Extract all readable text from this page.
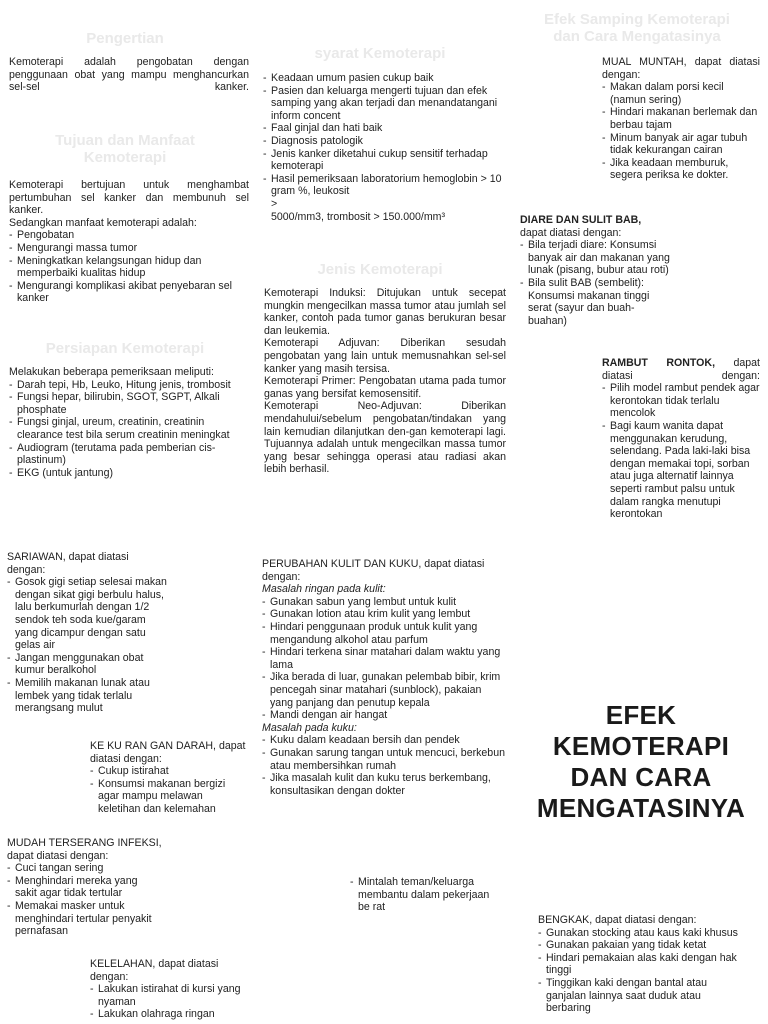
Pengertian

Kemoterapi adalah pengobatan dengan penggunaan obat yang mampu menghancurkan sel-sel kanker.

Tujuan dan Manfaat
Kemoterapi

Kemoterapi bertujuan untuk menghambat pertumbuhan sel kanker dan membunuh sel kanker.

Sedangkan manfaat kemoterapi adalah:

- Pengobatan
- Mengurangi massa tumor
- Meningkatkan kelangsungan hidup dan memperbaiki kualitas hidup
- Mengurangi komplikasi akibat penyebaran sel kanker
Persiapan Kemoterapi

Melakukan beberapa pemeriksaan meliputi:

- Darah tepi, Hb, Leuko, Hitung jenis, trombosit
- Fungsi hepar, bilirubin, SGOT, SGPT, Alkali phosphate
- Fungsi ginjal, ureum, creatinin, creatinin clearance test bila serum creatinin meningkat
- Audiogram (terutama pada pemberian cis-plastinum)
- EKG (untuk jantung)

SARIAWAN, dapat diatasi dengan:

- Gosok gigi setiap selesai makan dengan sikat gigi berbulu halus, lalu berkumurlah dengan 1/2 sendok teh soda kue/garam yang dicampur dengan satu gelas air
- Jangan menggunakan obat kumur beralkohol
- Memilih makanan lunak atau lembek yang tidak terlalu merangsang mulut

KE KU RAN GAN DARAH, dapat diatasi dengan:

- Cukup istirahat
- Konsumsi makanan bergizi agar mampu melawan keletihan dan kelemahan

MUDAH TERSERANG INFEKSI, dapat diatasi dengan:

- Cuci tangan sering
- Menghindari mereka yang sakit agar tidak tertular
- Memakai masker untuk menghindari tertular penyakit pernafasan

KELELAHAN, dapat diatasi dengan:

- Lakukan istirahat di kursi yang nyaman
- Lakukan olahraga ringan
syarat Kemoterapi
- Keadaan umum pasien cukup baik
- Pasien dan keluarga mengerti tujuan dan efek samping yang akan terjadi dan menandatangani inform concent
- Faal ginjal dan hati baik
- Diagnosis patologik
- Jenis kanker diketahui cukup sensitif terhadap kemoterapi
- Hasil pemeriksaan laboratorium hemoglobin > 10 gram %, leukosit

>

5000/mm3, trombosit > 150.000/mm³

Jenis Kemoterapi

Kemoterapi Induksi: Ditujukan untuk secepat mungkin mengecilkan massa tumor atau jumlah sel kanker, contoh pada tumor ganas berukuran besar dan leukemia.

Kemoterapi Adjuvan: Diberikan sesudah pengobatan yang lain untuk memusnahkan sel-sel kanker yang masih tersisa.

Kemoterapi Primer: Pengobatan utama pada tumor ganas yang bersifat kemosensitif.

Kemoterapi Neo-Adjuvan:	Diberikan mendahului/sebelum pengobatan/tindakan yang lain kemudian dilanjutkan den-gan kemoterapi lagi. Tujuannya adalah untuk mengecilkan massa tumor yang besar sehingga operasi atau radiasi akan lebih berhasil.

PERUBAHAN KULIT DAN KUKU, dapat diatasi dengan:

Masalah ringan pada kulit:

- Gunakan sabun yang lembut untuk kulit
- Gunakan lotion atau krim kulit yang lembut
- Hindari penggunaan produk untuk kulit yang mengandung alkohol atau parfum
- Hindari terkena sinar matahari dalam waktu yang lama
- Jika berada di luar, gunakan pelembab bibir, krim pencegah sinar matahari (sunblock), pakaian yang panjang dan penutup kepala
- Mandi dengan air hangat

Masalah pada kuku:

- Kuku dalam keadaan bersih dan pendek
- Gunakan sarung tangan untuk mencuci, berkebun atau membersihkan rumah
- Jika masalah kulit dan kuku terus berkembang, konsultasikan dengan dokter
- Mintalah teman/keluarga membantu dalam pekerjaan be rat
Efek Samping Kemoterapi
dan Cara Mengatasinya

MUAL MUNTAH, dapat diatasi dengan:

- Makan dalam porsi kecil (namun sering)
- Hindari makanan berlemak dan berbau tajam
- Minum banyak air agar tubuh tidak kekurangan cairan
- Jika keadaan memburuk, segera periksa ke dokter.

DIARE DAN SULIT BAB,

dapat diatasi dengan:

- Bila terjadi diare: Konsumsi banyak air dan makanan yang lunak (pisang, bubur atau roti)
- Bila sulit BAB (sembelit): Konsumsi makanan tinggi serat (sayur dan buah-buahan)

RAMBUT RONTOK, dapat diatasi dengan:

- Pilih model rambut pendek agar kerontokan tidak terlalu mencolok
- Bagi kaum wanita dapat menggunakan kerudung, selendang. Pada laki-laki bisa dengan memakai topi, sorban atau juga alternatif lainnya seperti rambut palsu untuk dalam rangka menutupi kerontokan
EFEK KEMOTERAPI
DAN CARA
MENGATASINYA

BENGKAK, dapat diatasi dengan:

- Gunakan stocking atau kaus kaki khusus
- Gunakan pakaian yang tidak ketat
- Hindari pemakaian alas kaki dengan hak tinggi
- Tinggikan kaki dengan bantal atau ganjalan lainnya saat duduk atau berbaring
